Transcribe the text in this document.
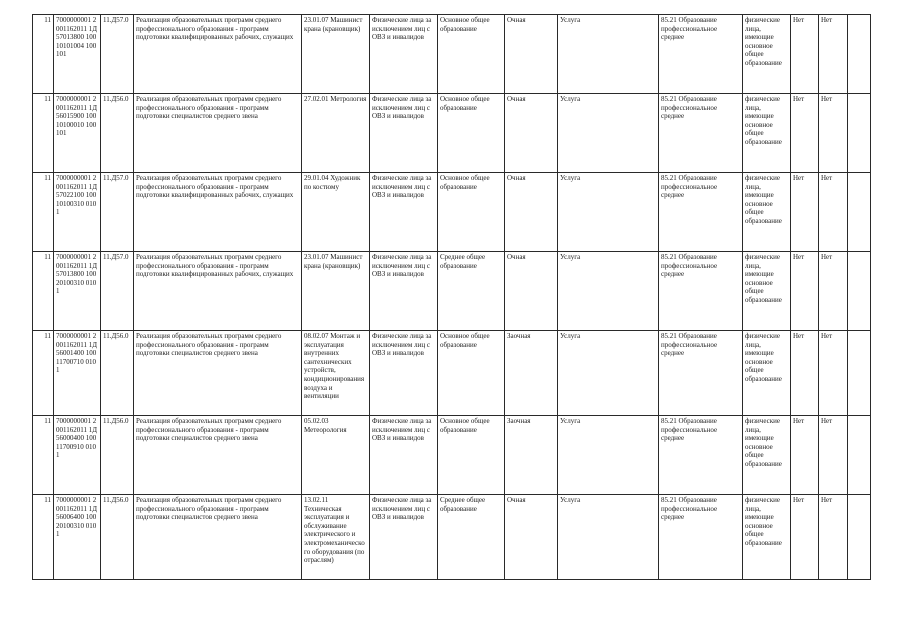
11	7000000001 2001162011 1Д57013800 10010101004 100101	11.Д57.0	Реализация образовательных программ среднего профессионального образования - программ подготовки квалифицированных рабочих, служащих	23.01.07 Машинист крана (крановщик)	Физические лица за исключением лиц с ОВЗ и инвалидов	Основное общее образование	Очная	Услуга	85.21 Образование профессиональное среднее	физические лица, имеющие основное общее образование	Нет	Нет	
11	7000000001 2001162011 1Д56015900 10010100010 100101	11.Д56.0	Реализация образовательных программ среднего профессионального образования - программ подготовки специалистов среднего звена	27.02.01 Метрология	Физические лица за исключением лиц с ОВЗ и инвалидов	Основное общее образование	Очная	Услуга	85.21 Образование профессиональное среднее	физические лица, имеющие основное общее образование	Нет	Нет	
11	7000000001 2001162011 1Д57022100 10010100310 0101	11.Д57.0	Реализация образовательных программ среднего профессионального образования - программ подготовки квалифицированных рабочих, служащих	29.01.04 Художник по костюму	Физические лица за исключением лиц с ОВЗ и инвалидов	Основное общее образование	Очная	Услуга	85.21 Образование профессиональное среднее	физические лица, имеющие основное общее образование	Нет	Нет	
11	7000000001 2001162011 1Д57013800 10020100310 0101	11.Д57.0	Реализация образовательных программ среднего профессионального образования - программ подготовки квалифицированных рабочих, служащих	23.01.07 Машинист крана (крановщик)	Физические лица за исключением лиц с ОВЗ и инвалидов	Среднее общее образование	Очная	Услуга	85.21 Образование профессиональное среднее	физические лица, имеющие основное общее образование	Нет	Нет	
11	7000000001 2001162011 1Д56001400 10011700710 0101	11.Д56.0	Реализация образовательных программ среднего профессионального образования - программ подготовки специалистов среднего звена	08.02.07 Монтаж и эксплуатация внутренних сантехнических устройств, кондиционирования воздуха и вентиляции	Физические лица за исключением лиц с ОВЗ и инвалидов	Основное общее образование	Заочная	Услуга	85.21 Образование профессиональное среднее	физические лица, имеющие основное общее образование	Нет	Нет	
11	7000000001 2001162011 1Д56000400 10011700910 0101	11.Д56.0	Реализация образовательных программ среднего профессионального образования - программ подготовки специалистов среднего звена	05.02.03 Метеорология	Физические лица за исключением лиц с ОВЗ и инвалидов	Основное общее образование	Заочная	Услуга	85.21 Образование профессиональное среднее	физические лица, имеющие основное общее образование	Нет	Нет	
11	7000000001 2001162011 1Д56006400 10020100310 0101	11.Д56.0	Реализация образовательных программ среднего профессионального образования - программ подготовки специалистов среднего звена	13.02.11 Техническая эксплуатация и обслуживание электрического и электромеханического оборудования (по отраслям)	Физические лица за исключением лиц с ОВЗ и инвалидов	Среднее общее образование	Очная	Услуга	85.21 Образование профессиональное среднее	физические лица, имеющие основное общее образование	Нет	Нет	
